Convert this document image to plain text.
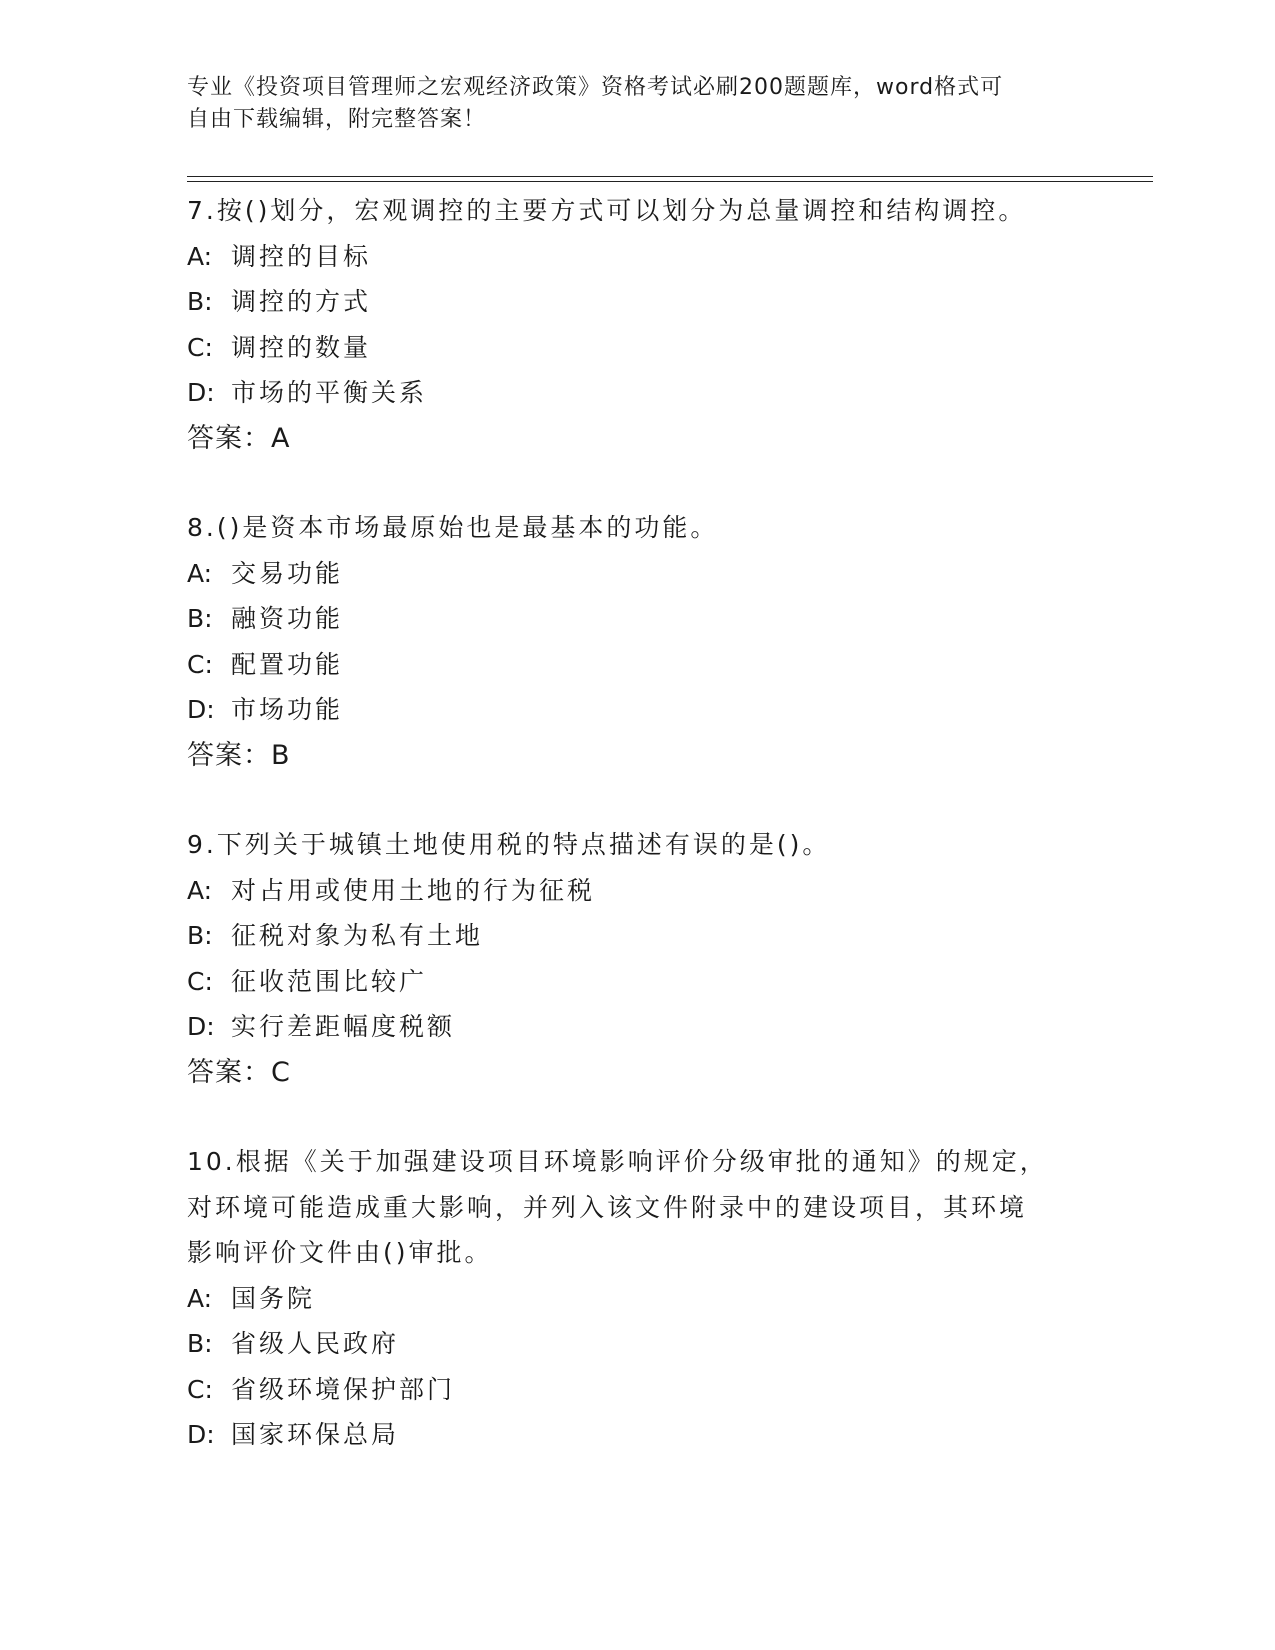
专业《投资项目管理师之宏观经济政策》资格考试必刷200题题库，word格式可
自由下载编辑，附完整答案！
7.按()划分，宏观调控的主要方式可以划分为总量调控和结构调控。
A: 调控的目标
B: 调控的方式
C: 调控的数量
D: 市场的平衡关系
答案：A
8.()是资本市场最原始也是最基本的功能。
A: 交易功能
B: 融资功能
C: 配置功能
D: 市场功能
答案：B
9.下列关于城镇土地使用税的特点描述有误的是()。
A: 对占用或使用土地的行为征税
B: 征税对象为私有土地
C: 征收范围比较广
D: 实行差距幅度税额
答案：C
10.根据《关于加强建设项目环境影响评价分级审批的通知》的规定，
对环境可能造成重大影响，并列入该文件附录中的建设项目，其环境
影响评价文件由()审批。
A: 国务院
B: 省级人民政府
C: 省级环境保护部门
D: 国家环保总局
